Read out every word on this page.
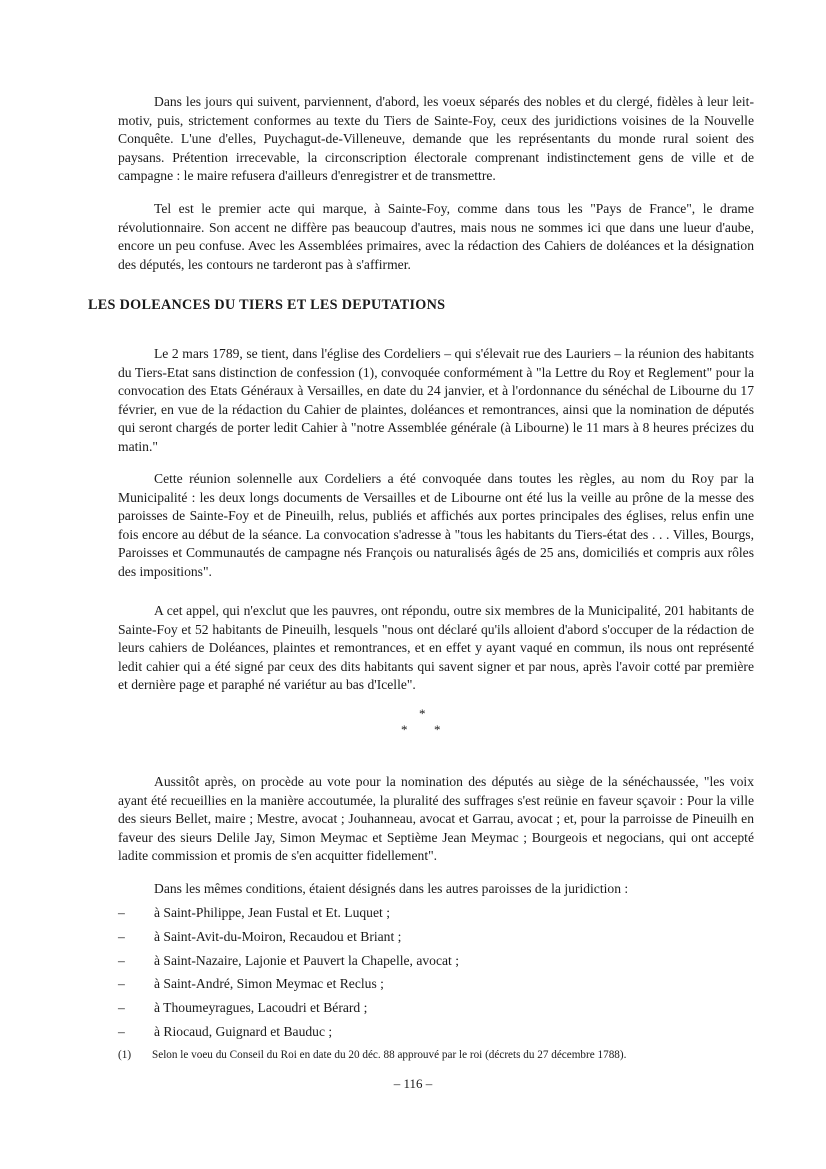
Dans les jours qui suivent, parviennent, d'abord, les voeux séparés des nobles et du clergé, fidèles à leur leit-motiv, puis, strictement conformes au texte du Tiers de Sainte-Foy, ceux des juridictions voisines de la Nouvelle Conquête. L'une d'elles, Puychagut-de-Villeneuve, demande que les représentants du monde rural soient des paysans. Prétention irrecevable, la circonscription électorale comprenant indistinctement gens de ville et de campagne : le maire refusera d'ailleurs d'enregistrer et de transmettre.

Tel est le premier acte qui marque, à Sainte-Foy, comme dans tous les "Pays de France", le drame révolutionnaire. Son accent ne diffère pas beaucoup d'autres, mais nous ne sommes ici que dans une lueur d'aube, encore un peu confuse. Avec les Assemblées primaires, avec la rédaction des Cahiers de doléances et la désignation des députés, les contours ne tarderont pas à s'affirmer.

LES DOLEANCES DU TIERS ET LES DEPUTATIONS

Le 2 mars 1789, se tient, dans l'église des Cordeliers – qui s'élevait rue des Lauriers – la réunion des habitants du Tiers-Etat sans distinction de confession (1), convoquée conformément à "la Lettre du Roy et Reglement" pour la convocation des Etats Généraux à Versailles, en date du 24 janvier, et à l'ordonnance du sénéchal de Libourne du 17 février, en vue de la rédaction du Cahier de plaintes, doléances et remontrances, ainsi que la nomination de députés qui seront chargés de porter ledit Cahier à "notre Assemblée générale (à Libourne) le 11 mars à 8 heures précizes du matin."

Cette réunion solennelle aux Cordeliers a été convoquée dans toutes les règles, au nom du Roy par la Municipalité : les deux longs documents de Versailles et de Libourne ont été lus la veille au prône de la messe des paroisses de Sainte-Foy et de Pineuilh, relus, publiés et affichés aux portes principales des églises, relus enfin une fois encore au début de la séance. La convocation s'adresse à "tous les habitants du Tiers-état des . . . Villes, Bourgs, Paroisses et Communautés de campagne nés François ou naturalisés âgés de 25 ans, domiciliés et compris aux rôles des impositions".

A cet appel, qui n'exclut que les pauvres, ont répondu, outre six membres de la Municipalité, 201 habitants de Sainte-Foy et 52 habitants de Pineuilh, lesquels "nous ont déclaré qu'ils alloient d'abord s'occuper de la rédaction de leurs cahiers de Doléances, plaintes et remontrances, et en effet y ayant vaqué en commun, ils nous ont représenté ledit cahier qui a été signé par ceux des dits habitants qui savent signer et par nous, après l'avoir cotté par première et dernière page et paraphé né variétur au bas d'Icelle".

*
* *

Aussitôt après, on procède au vote pour la nomination des députés au siège de la sénéchaussée, "les voix ayant été recueillies en la manière accoutumée, la pluralité des suffrages s'est reünie en faveur sçavoir : Pour la ville des sieurs Bellet, maire ; Mestre, avocat ; Jouhanneau, avocat et Garrau, avocat ; et, pour la parroisse de Pineuilh en faveur des sieurs Delile Jay, Simon Meymac et Septième Jean Meymac ; Bourgeois et negocians, qui ont accepté ladite commission et promis de s'en acquitter fidellement".

Dans les mêmes conditions, étaient désignés dans les autres paroisses de la juridiction :

– à Saint-Philippe, Jean Fustal et Et. Luquet ;
– à Saint-Avit-du-Moiron, Recaudou et Briant ;
– à Saint-Nazaire, Lajonie et Pauvert la Chapelle, avocat ;
– à Saint-André, Simon Meymac et Reclus ;
– à Thoumeyragues, Lacoudri et Bérard ;
– à Riocaud, Guignard et Bauduc ;

(1) Selon le voeu du Conseil du Roi en date du 20 déc. 88 approuvé par le roi (décrets du 27 décembre 1788).

– 116 –
